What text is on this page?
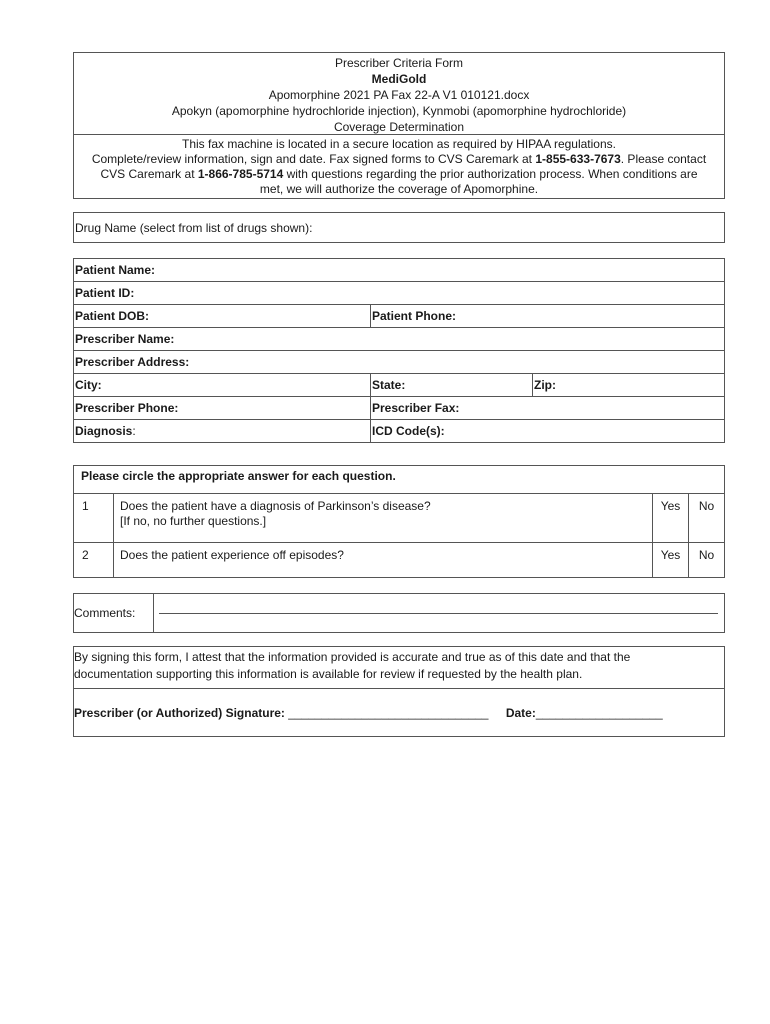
Prescriber Criteria Form
MediGold
Apomorphine 2021 PA Fax 22-A V1 010121.docx
Apokyn (apomorphine hydrochloride injection), Kynmobi (apomorphine hydrochloride)
Coverage Determination
This fax machine is located in a secure location as required by HIPAA regulations.
Complete/review information, sign and date. Fax signed forms to CVS Caremark at 1-855-633-7673. Please contact
CVS Caremark at 1-866-785-5714 with questions regarding the prior authorization process. When conditions are
met, we will authorize the coverage of Apomorphine.
Drug Name (select from list of drugs shown):
Patient Name:		
Patient ID:		
Patient DOB:	Patient Phone:	
Prescriber Name:		
Prescriber Address:		
City:	State:	Zip:
Prescriber Phone:	Prescriber Fax:	
Diagnosis:	ICD Code(s):	
Please circle the appropriate answer for each question.			
1	Does the patient have a diagnosis of Parkinson’s disease?
[If no, no further questions.]	Yes	No
2	Does the patient experience off episodes?	Yes	No
Comments:
By signing this form, I attest that the information provided is accurate and true as of this date and that the
documentation supporting this information is available for review if requested by the health plan.
Prescriber (or Authorized) Signature: ______________________________ Date:___________________
